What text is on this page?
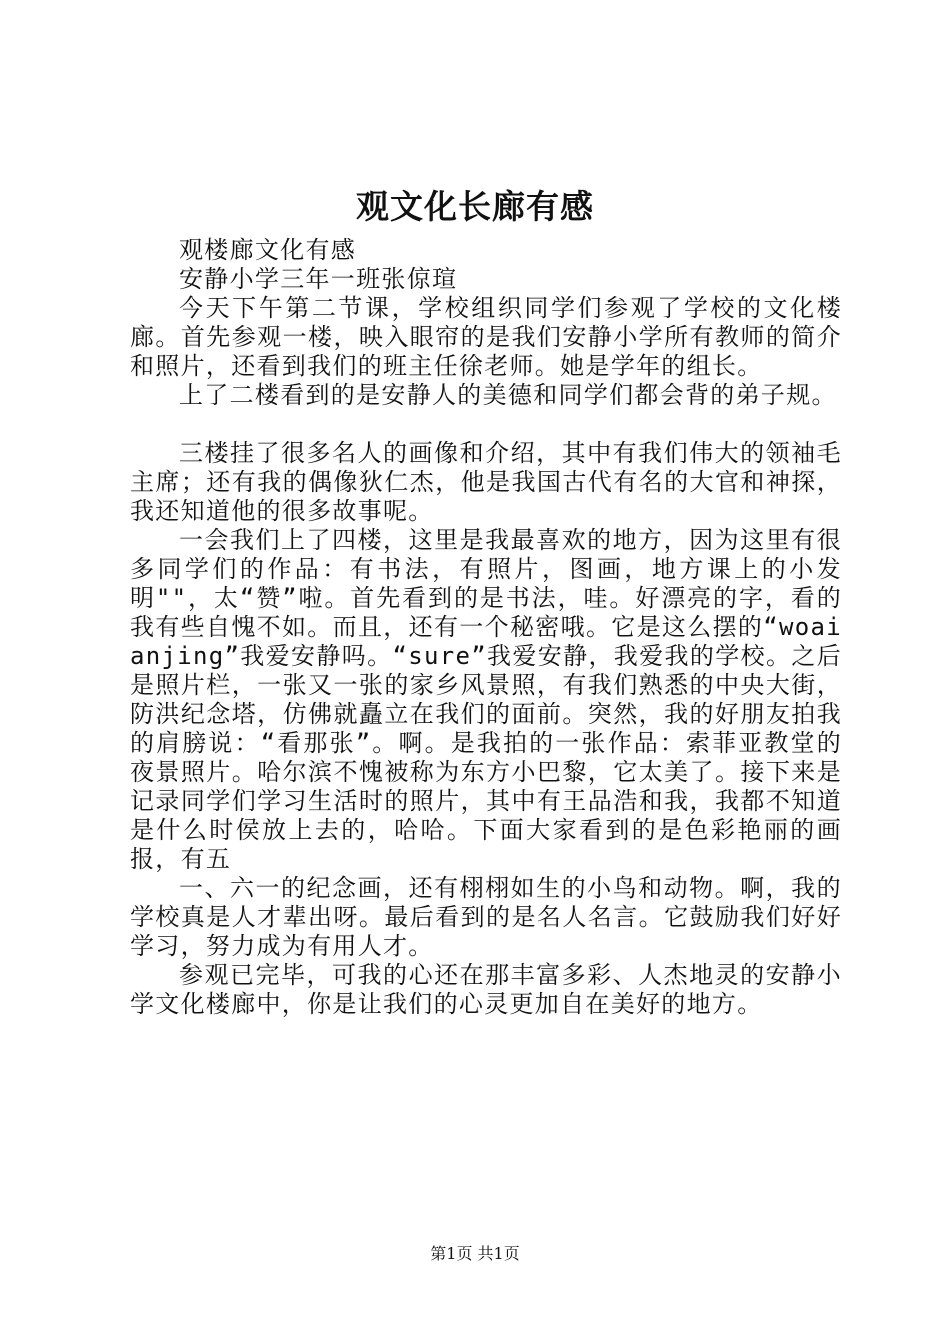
观文化长廊有感

观楼廊文化有感

安静小学三年一班张倞瑄

今天下午第二节课，学校组织同学们参观了学校的文化楼廊。首先参观一楼，映入眼帘的是我们安静小学所有教师的简介和照片，还看到我们的班主任徐老师。她是学年的组长。

上了二楼看到的是安静人的美德和同学们都会背的弟子规。

三楼挂了很多名人的画像和介绍，其中有我们伟大的领袖毛主席；还有我的偶像狄仁杰，他是我国古代有名的大官和神探，我还知道他的很多故事呢。

一会我们上了四楼，这里是我最喜欢的地方，因为这里有很多同学们的作品：有书法，有照片，图画，地方课上的小发明""，太“赞”啦。首先看到的是书法，哇。好漂亮的字，看的我有些自愧不如。而且，还有一个秘密哦。它是这么摆的“woaianjing”我爱安静吗。“sure”我爱安静，我爱我的学校。之后是照片栏，一张又一张的家乡风景照，有我们熟悉的中央大街，防洪纪念塔，仿佛就矗立在我们的面前。突然，我的好朋友拍我的肩膀说：“看那张”。啊。是我拍的一张作品：索菲亚教堂的夜景照片。哈尔滨不愧被称为东方小巴黎，它太美了。接下来是记录同学们学习生活时的照片，其中有王品浩和我，我都不知道是什么时侯放上去的，哈哈。下面大家看到的是色彩艳丽的画报，有五

一、六一的纪念画，还有栩栩如生的小鸟和动物。啊，我的学校真是人才辈出呀。最后看到的是名人名言。它鼓励我们好好学习，努力成为有用人才。

参观已完毕，可我的心还在那丰富多彩、人杰地灵的安静小学文化楼廊中，你是让我们的心灵更加自在美好的地方。

第1页 共1页
